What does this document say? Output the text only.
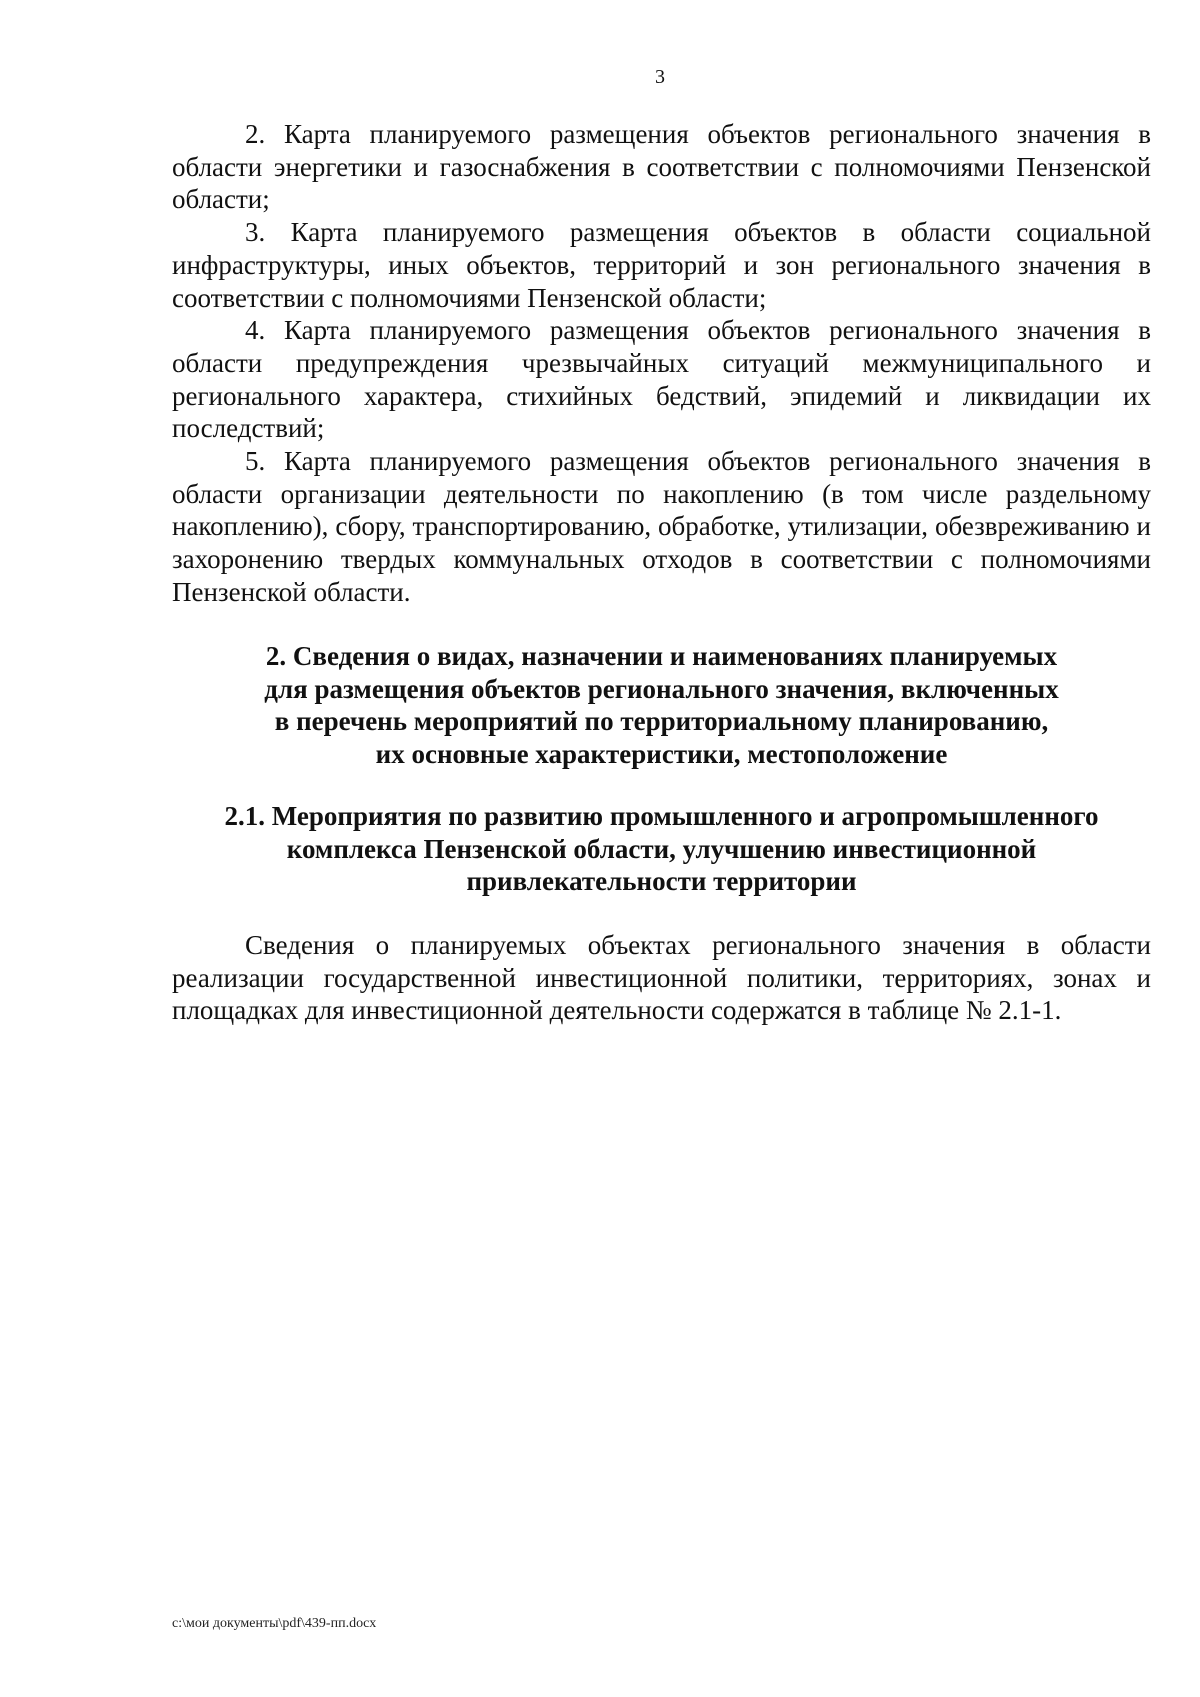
3

2. Карта планируемого размещения объектов регионального значения в области энергетики и газоснабжения в соответствии с полномочиями Пензенской области;

3. Карта планируемого размещения объектов в области социальной инфраструктуры, иных объектов, территорий и зон регионального значения в соответствии с полномочиями Пензенской области;

4. Карта планируемого размещения объектов регионального значения в области предупреждения чрезвычайных ситуаций межмуниципального и регионального характера, стихийных бедствий, эпидемий и ликвидации их последствий;

5. Карта планируемого размещения объектов регионального значения в области организации деятельности по накоплению (в том числе раздельному накоплению), сбору, транспортированию, обработке, утилизации, обезвреживанию и захоронению твердых коммунальных отходов в соответствии с полномочиями Пензенской области.

2. Сведения о видах, назначении и наименованиях планируемых
для размещения объектов регионального значения, включенных
в перечень мероприятий по территориальному планированию,
их основные характеристики, местоположение
2.1. Мероприятия по развитию промышленного и агропромышленного
комплекса Пензенской области, улучшению инвестиционной
привлекательности территории

Сведения о планируемых объектах регионального значения в области реализации государственной инвестиционной политики, территориях, зонах и площадках для инвестиционной деятельности содержатся в таблице № 2.1-1.

c:\мои документы\pdf\439-пп.docx
